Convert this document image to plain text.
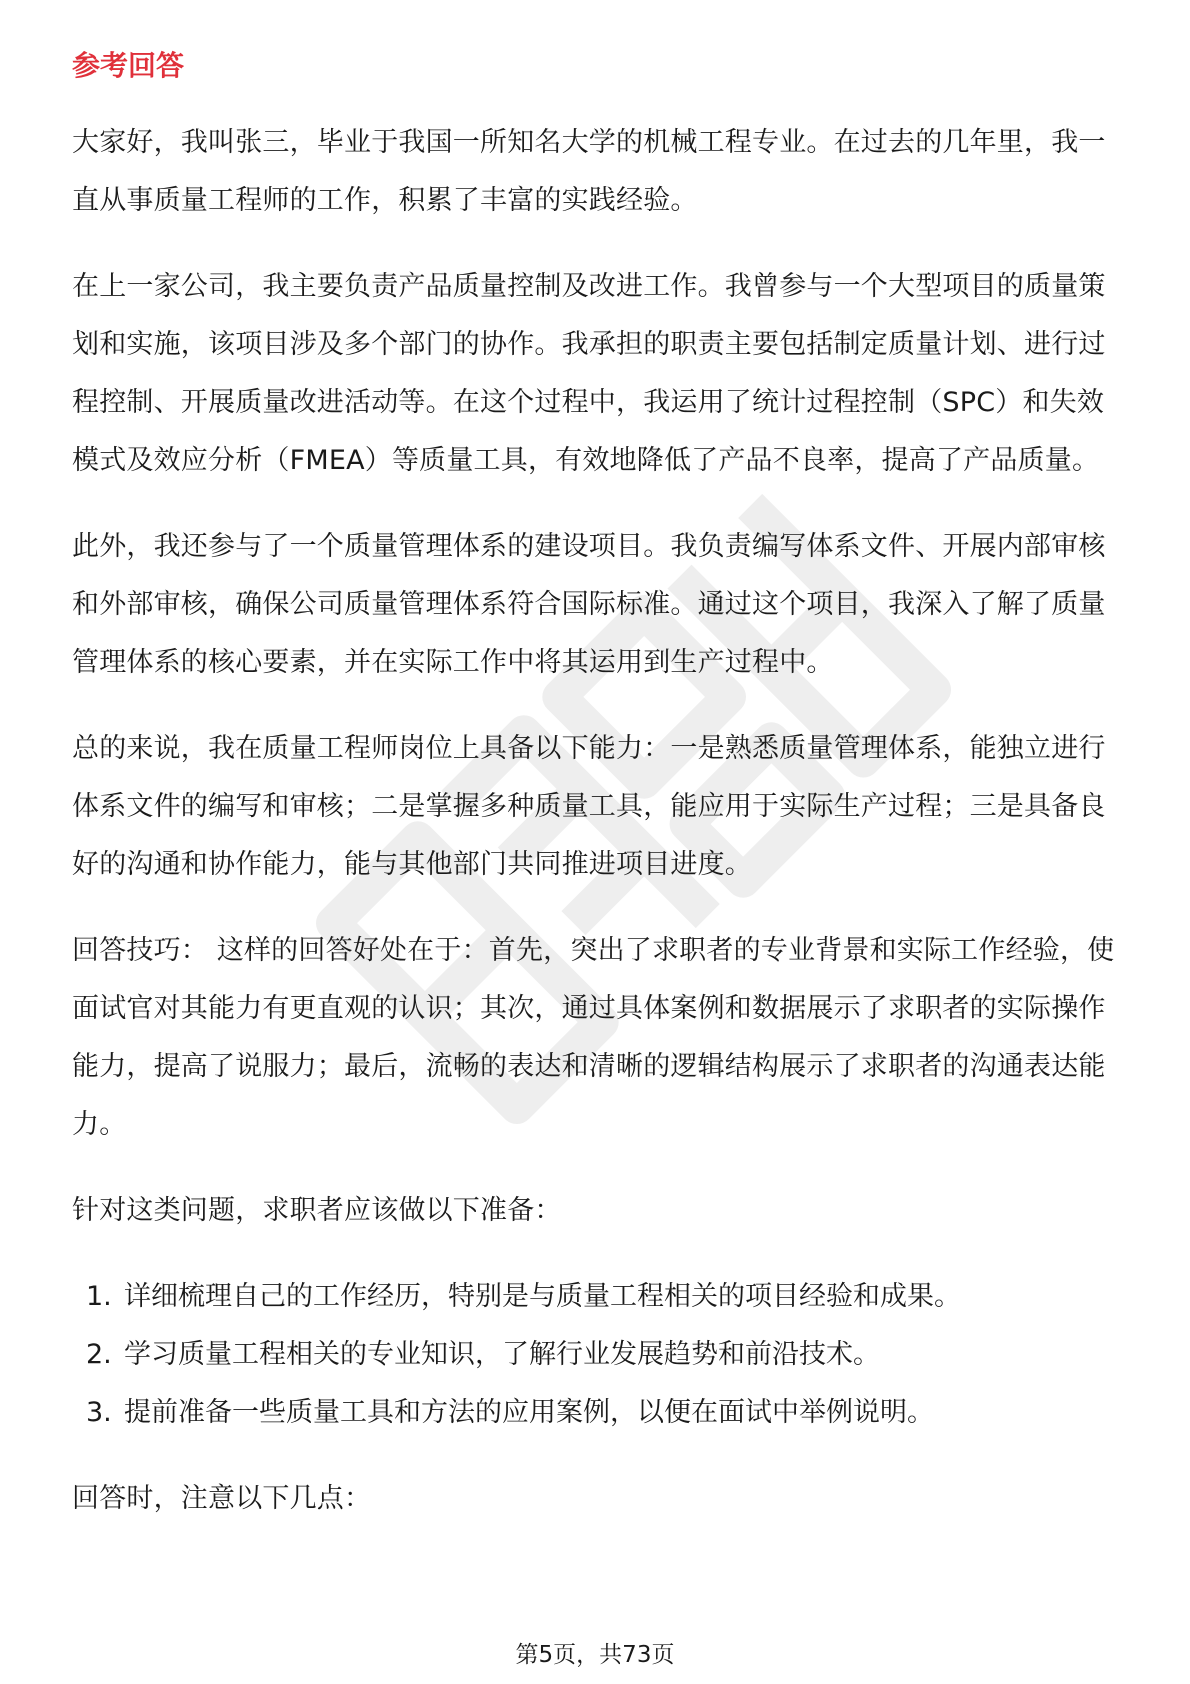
参考回答

大家好，我叫张三，毕业于我国一所知名大学的机械工程专业。在过去的几年里，我一直从事质量工程师的工作，积累了丰富的实践经验。

在上一家公司，我主要负责产品质量控制及改进工作。我曾参与一个大型项目的质量策划和实施，该项目涉及多个部门的协作。我承担的职责主要包括制定质量计划、进行过程控制、开展质量改进活动等。在这个过程中，我运用了统计过程控制（SPC）和失效模式及效应分析（FMEA）等质量工具，有效地降低了产品不良率，提高了产品质量。

此外，我还参与了一个质量管理体系的建设项目。我负责编写体系文件、开展内部审核和外部审核，确保公司质量管理体系符合国际标准。通过这个项目，我深入了解了质量管理体系的核心要素，并在实际工作中将其运用到生产过程中。

总的来说，我在质量工程师岗位上具备以下能力：一是熟悉质量管理体系，能独立进行体系文件的编写和审核；二是掌握多种质量工具，能应用于实际生产过程；三是具备良好的沟通和协作能力，能与其他部门共同推进项目进度。

回答技巧： 这样的回答好处在于：首先，突出了求职者的专业背景和实际工作经验，使面试官对其能力有更直观的认识；其次，通过具体案例和数据展示了求职者的实际操作能力，提高了说服力；最后，流畅的表达和清晰的逻辑结构展示了求职者的沟通表达能力。

针对这类问题，求职者应该做以下准备：

1. 详细梳理自己的工作经历，特别是与质量工程相关的项目经验和成果。
2. 学习质量工程相关的专业知识，了解行业发展趋势和前沿技术。
3. 提前准备一些质量工具和方法的应用案例，以便在面试中举例说明。

回答时，注意以下几点：

第5页，共73页
